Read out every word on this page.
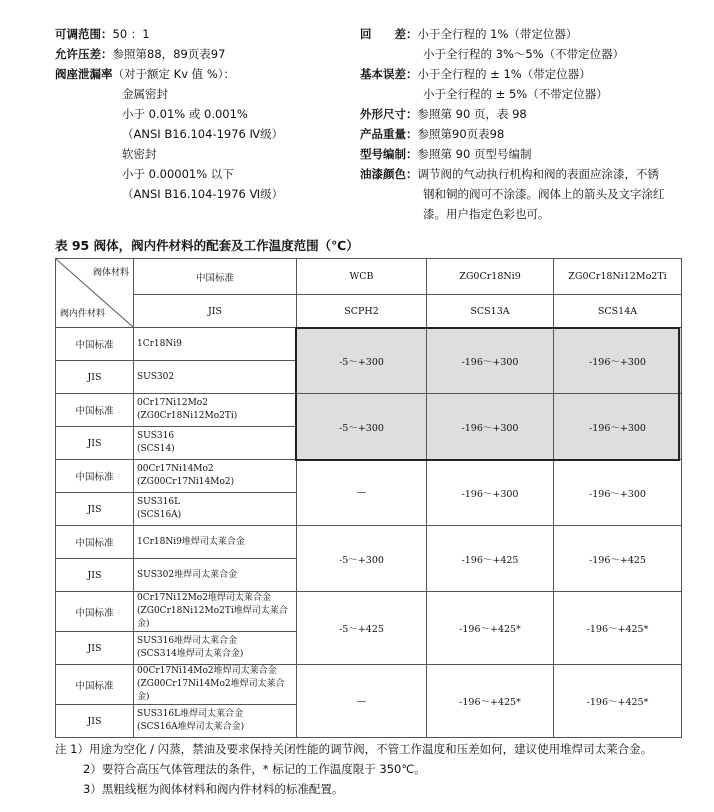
可调范围：50 ：1
允许压差：参照第88，89页表97
阀座泄漏率（对于额定 Kv 值 %）：
金属密封
小于 0.01% 或 0.001%
（ANSI B16.104-1976 Ⅳ级）
软密封
小于 0.00001% 以下
（ANSI B16.104-1976 Ⅵ级）
回　　差：小于全行程的 1%（带定位器）
小于全行程的 3%～5%（不带定位器）
基本误差：小于全行程的 ± 1%（带定位器）
小于全行程的 ± 5%（不带定位器）
外形尺寸：参照第 90 页，表 98
产品重量：参照第90页表98
型号编制：参照第 90 页型号编制
油漆颜色：调节阀的气动执行机构和阀的表面应涂漆，不锈
钢和铜的阀可不涂漆。阀体上的箭头及文字涂红
漆。用户指定色彩也可。
表 95 阀体，阀内件材料的配套及工作温度范围（℃）
阀体材料
阀内件材料	中国标准	WCB	ZG0Cr18Ni9	ZG0Cr18Ni12Mo2Ti
	JIS	SCPH2	SCS13A	SCS14A
中国标准	1Cr18Ni9	-5～+300	-196～+300	-196～+300
JIS	SUS302			

中国标准	0Cr17Ni12Mo2
(ZG0Cr18Ni12Mo2Ti)	-5～+300	-196～+300	-196～+300
JIS	SUS316
(SCS14)			

中国标准	00Cr17Ni14Mo2
(ZG00Cr17Ni14Mo2)	—	-196～+300	-196～+300
JIS	SUS316L
(SCS16A)			

中国标准	1Cr18Ni9堆焊司太莱合金	-5～+300	-196～+425	-196～+425
JIS	SUS302堆焊司太莱合金			

中国标准	0Cr17Ni12Mo2堆焊司太莱合金
(ZG0Cr18Ni12Mo2Ti堆焊司太莱合金)	-5～+425	-196～+425*	-196～+425*
JIS	SUS316堆焊司太莱合金
(SCS314堆焊司太莱合金)			

中国标准	00Cr17Ni14Mo2堆焊司太莱合金
(ZG00Cr17Ni14Mo2堆焊司太莱合金)	—	-196～+425*	-196～+425*
JIS	SUS316L堆焊司太莱合金
(SCS16A堆焊司太莱合金)			
注 1）用途为空化 / 闪蒸，禁油及要求保持关闭性能的调节阀，不管工作温度和压差如何，建议使用堆焊司太莱合金。
2）要符合高压气体管理法的条件，* 标记的工作温度限于 350℃。
3）黑粗线框为阀体材料和阀内件材料的标准配置。
